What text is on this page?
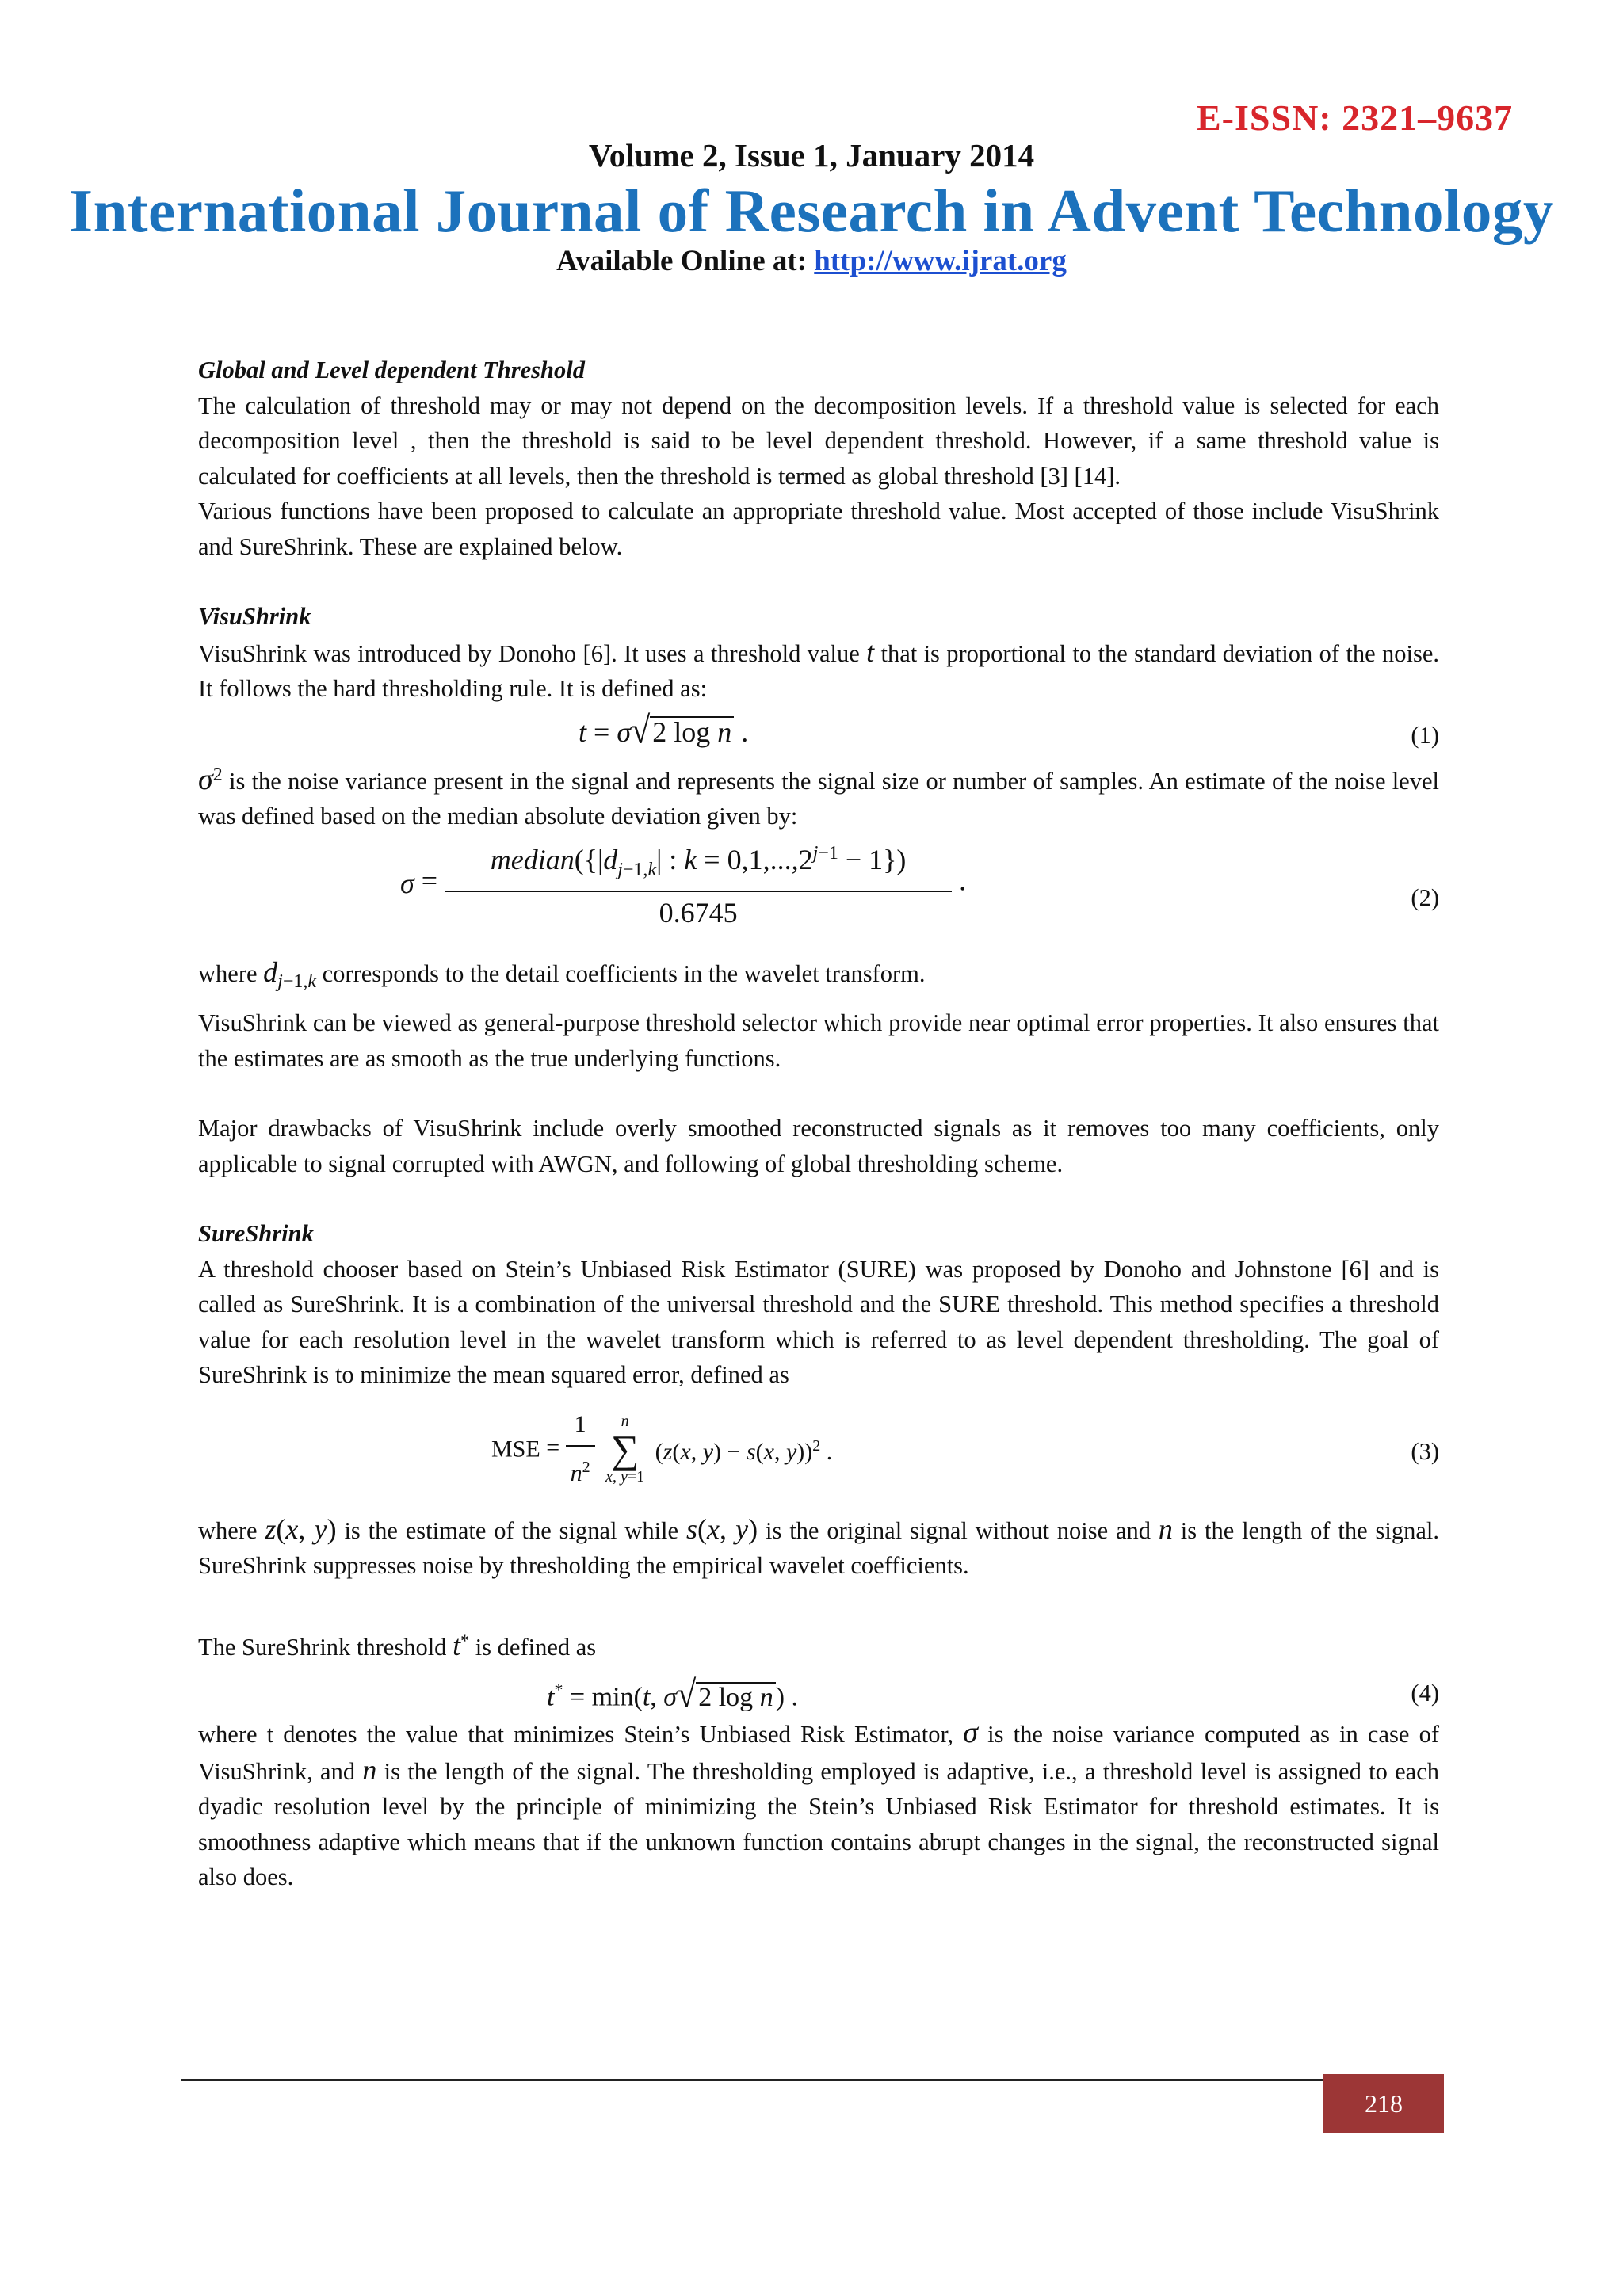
E-ISSN: 2321–9637
Volume 2, Issue 1, January 2014
International Journal of Research in Advent Technology
Available Online at: http://www.ijrat.org

Global and Level dependent Threshold

The calculation of threshold may or may not depend on the decomposition levels. If a threshold value is selected for each decomposition level , then the threshold is said to be level dependent threshold. However, if a same threshold value is calculated for coefficients at all levels, then the threshold is termed as global threshold [3] [14].

Various functions have been proposed to calculate an appropriate threshold value. Most accepted of those include VisuShrink and SureShrink. These are explained below.

VisuShrink

VisuShrink was introduced by Donoho [6]. It uses a threshold value t that is proportional to the standard deviation of the noise. It follows the hard thresholding rule. It is defined as:

t = σ√2 log n .	(1)

$\sigma^2$ is the noise variance present in the signal and represents the signal size or number of samples. An estimate of the noise level was defined based on the median absolute deviation given by:

$\sigma = \frac{median(\{|d_{j-1,k}| : k = 0,1,...,2^{j-1} - 1\})}{0.6745}$ .
(2)

where $d_{j-1,k}$ corresponds to the detail coefficients in the wavelet transform.

VisuShrink can be viewed as general-purpose threshold selector which provide near optimal error properties. It also ensures that the estimates are as smooth as the true underlying functions.

Major drawbacks of VisuShrink include overly smoothed reconstructed signals as it removes too many coefficients, only applicable to signal corrupted with AWGN, and following of global thresholding scheme.

SureShrink

A threshold chooser based on Stein’s Unbiased Risk Estimator (SURE) was proposed by Donoho and Johnstone [6] and is called as SureShrink. It is a combination of the universal threshold and the SURE threshold. This method specifies a threshold value for each resolution level in the wavelet transform which is referred to as level dependent thresholding. The goal of SureShrink is to minimize the mean squared error, defined as

MSE = $\frac{1}{n^2}$ n
∑
x, y=1 (z(x, y) − s(x, y))$^2$ .	(3)

where z(x, y) is the estimate of the signal while s(x, y) is the original signal without noise and n is the length of the signal. SureShrink suppresses noise by thresholding the empirical wavelet coefficients.

The SureShrink threshold t* is defined as

t* = min(t, σ√2 log n) .	(4)

where t denotes the value that minimizes Stein’s Unbiased Risk Estimator, σ is the noise variance computed as in case of VisuShrink, and n is the length of the signal. The thresholding employed is adaptive, i.e., a threshold level is assigned to each dyadic resolution level by the principle of minimizing the Stein’s Unbiased Risk Estimator for threshold estimates. It is smoothness adaptive which means that if the unknown function contains abrupt changes in the signal, the reconstructed signal also does.

218
